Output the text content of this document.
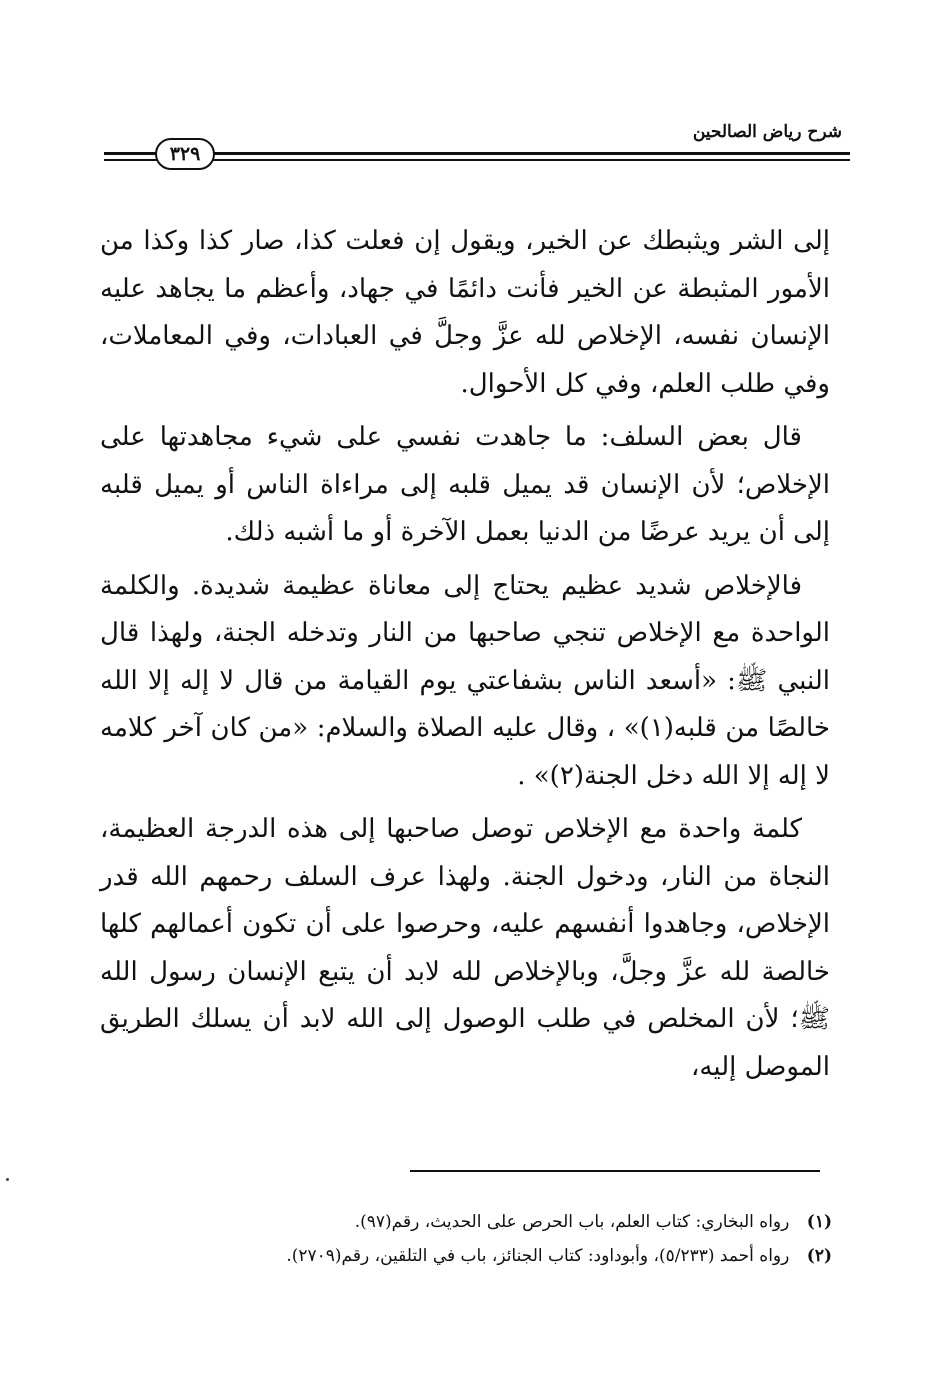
شرح رياض الصالحين
٣٢٩

إلى الشر ويثبطك عن الخير، ويقول إن فعلت كذا، صار كذا وكذا من الأمور المثبطة عن الخير فأنت دائمًا في جهاد، وأعظم ما يجاهد عليه الإنسان نفسه، الإخلاص لله عزَّ وجلَّ في العبادات، وفي المعاملات، وفي طلب العلم، وفي كل الأحوال.

قال بعض السلف: ما جاهدت نفسي على شيء مجاهدتها على الإخلاص؛ لأن الإنسان قد يميل قلبه إلى مراءاة الناس أو يميل قلبه إلى أن يريد عرضًا من الدنيا بعمل الآخرة أو ما أشبه ذلك.

فالإخلاص شديد عظيم يحتاج إلى معاناة عظيمة شديدة. والكلمة الواحدة مع الإخلاص تنجي صاحبها من النار وتدخله الجنة، ولهذا قال النبي ﷺ: «أسعد الناس بشفاعتي يوم القيامة من قال لا إله إلا الله خالصًا من قلبه(١)» ، وقال عليه الصلاة والسلام: «من كان آخر كلامه لا إله إلا الله دخل الجنة(٢)» .

كلمة واحدة مع الإخلاص توصل صاحبها إلى هذه الدرجة العظيمة، النجاة من النار، ودخول الجنة. ولهذا عرف السلف رحمهم الله قدر الإخلاص، وجاهدوا أنفسهم عليه، وحرصوا على أن تكون أعمالهم كلها خالصة لله عزَّ وجلَّ، وبالإخلاص لله لابد أن يتبع الإنسان رسول الله ﷺ؛ لأن المخلص في طلب الوصول إلى الله لابد أن يسلك الطريق الموصل إليه،

(١) رواه البخاري: كتاب العلم، باب الحرص على الحديث، رقم(٩٧).
(٢) رواه أحمد (٥/٢٣٣)، وأبوداود: كتاب الجنائز، باب في التلقين، رقم(٢٧٠٩).
